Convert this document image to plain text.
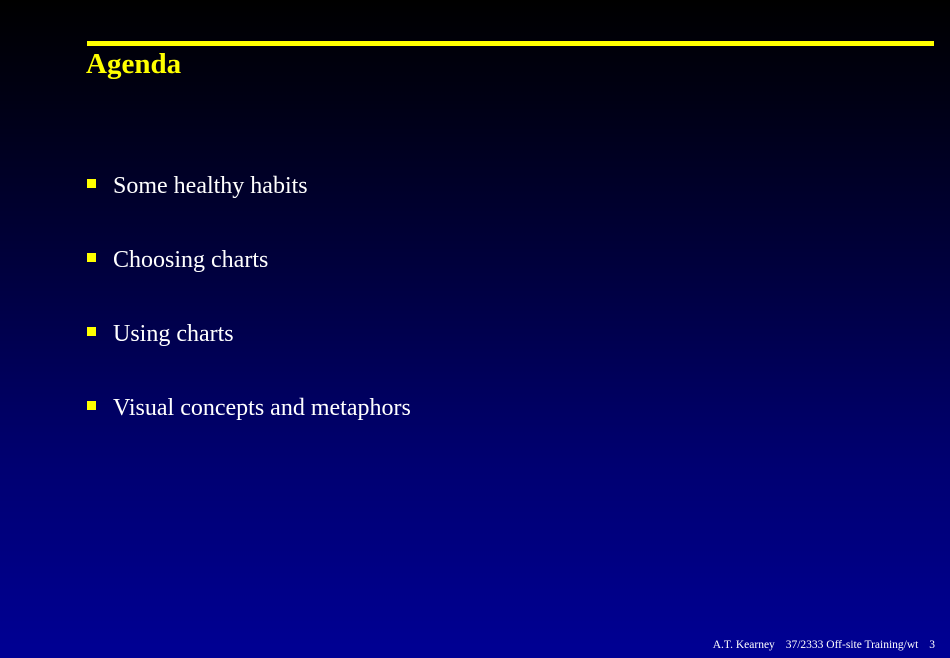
Agenda
Some healthy habits
Choosing charts
Using charts
Visual concepts and metaphors
A.T. Kearney 37/2333 Off-site Training/wt 3
